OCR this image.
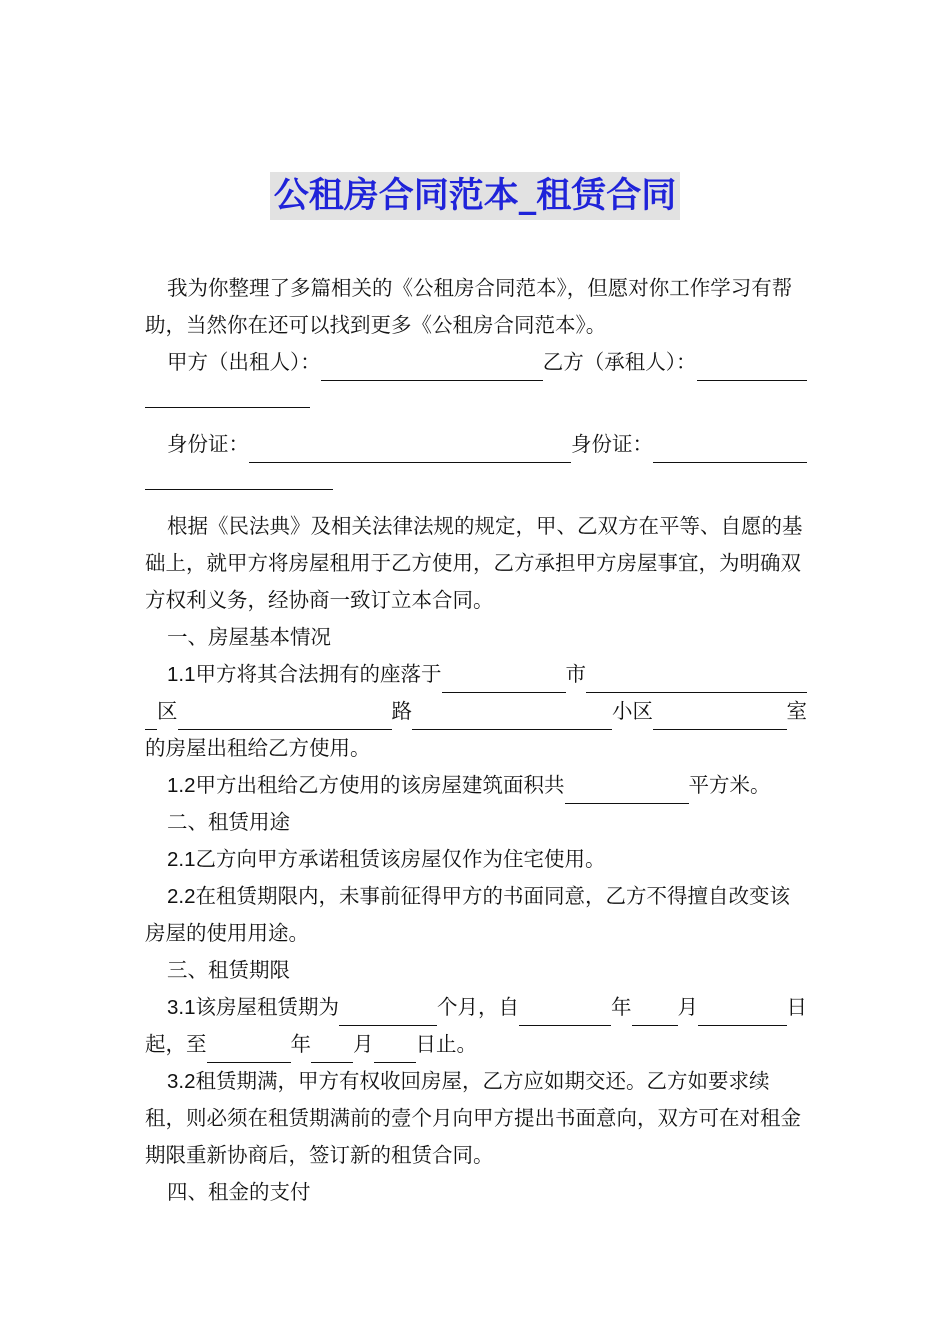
公租房合同范本_租赁合同

我为你整理了多篇相关的《公租房合同范本》，但愿对你工作学习有帮助，当然你在还可以找到更多《公租房合同范本》。

甲方（出租人）：	乙方（承租人）：
身份证：	身份证：

根据《民法典》及相关法律法规的规定，甲、乙双方在平等、自愿的基础上，就甲方将房屋租用于乙方使用，乙方承担甲方房屋事宜，为明确双方权利义务，经协商一致订立本合同。

一、房屋基本情况

1.1 甲方将其合法拥有的座落于	市
区	路	小区	室

的房屋出租给乙方使用。

1.2 甲方出租给乙方使用的该房屋建筑面积共	平方米。

二、租赁用途

2.1乙方向甲方承诺租赁该房屋仅作为住宅使用。

2.2在租赁期限内，未事前征得甲方的书面同意，乙方不得擅自改变该房屋的使用用途。

三、租赁期限

3.1 该房屋租赁期为	个月，自	年 月	日
起，至	年 月 日止。

3.2租赁期满，甲方有权收回房屋，乙方应如期交还。乙方如要求续租，则必须在租赁期满前的壹个月向甲方提出书面意向，双方可在对租金期限重新协商后，签订新的租赁合同。

四、租金的支付
